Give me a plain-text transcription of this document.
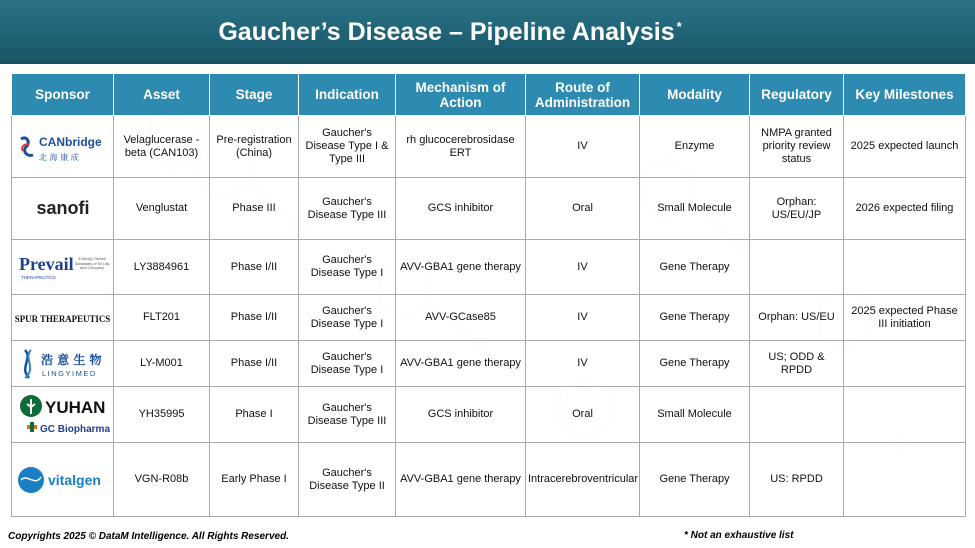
Gaucher’s Disease – Pipeline Analysis*
Sponsor	Asset	Stage	Indication	Mechanism of Action	Route of Administration	Modality	Regulatory	Key Milestones

CANbridge
北 海 康 成	Velaglucerase - beta (CAN103)	Pre-registration (China)	Gaucher's Disease Type I & Type III	rh glucocerebrosidase ERT	IV	Enzyme	NMPA granted priority review status	2025 expected launch

sanofi	Venglustat	Phase III	Gaucher's Disease Type III	GCS inhibitor	Oral	Small Molecule	Orphan: US/EU/JP	2026 expected filing

Prevail
THERAPEUTICS
A Wholly Owned Subsidiary of Eli Lilly and Company	LY3884961	Phase I/II	Gaucher's Disease Type I	AVV-GBA1 gene therapy	IV	Gene Therapy		

SPUR THERAPEUTICS	FLT201	Phase I/II	Gaucher's Disease Type I	AVV-GCase85	IV	Gene Therapy	Orphan: US/EU	2025 expected Phase III initiation

浩 意 生 物
LINGYIMED	LY-M001	Phase I/II	Gaucher's Disease Type I	AVV-GBA1 gene therapy	IV	Gene Therapy	US; ODD & RPDD	

YUHAN
GC Biopharma	YH35995	Phase I	Gaucher's Disease Type III	GCS inhibitor	Oral	Small Molecule		

vitalgen	VGN-R08b	Early Phase I	Gaucher's Disease Type II	AVV-GBA1 gene therapy	Intracerebroventricular	Gene Therapy	US: RPDD	
Copyrights 2025 © DataM Intelligence. All Rights Reserved.	* Not an exhaustive list
